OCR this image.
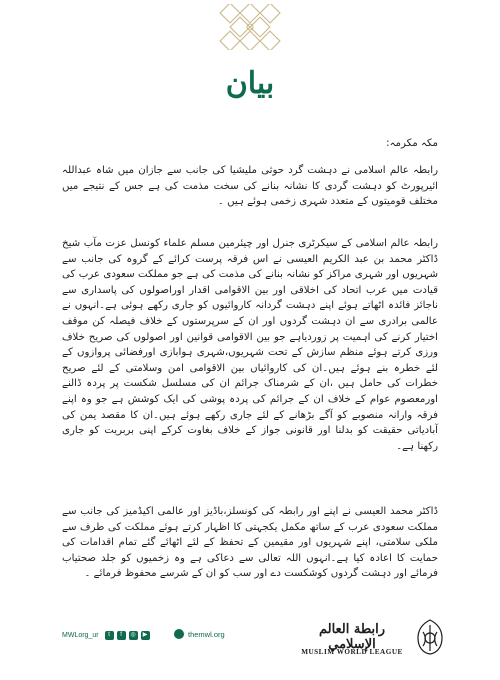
بیان
مکہ مکرمہ:
رابطہ عالم اسلامی نے دہشت گرد حوثی ملیشیا کی جانب سے جازان میں شاہ عبداللہ ائیرپورٹ کو دہشت گردی کا نشانہ بنانے کی سخت مذمت کی ہے جس کے نتیجے میں مختلف قومیتوں کے متعدد شہری زخمی ہوئے ہیں ۔
رابطہ عالم اسلامی کے سیکرٹری جنرل اور چیئرمین مسلم علماء کونسل عزت مآب شیخ ڈاکٹر محمد بن عبد الکریم العیسی نے اس فرقہ پرست کرائے کے گروہ کی جانب سے شہریوں اور شہری مراکز کو نشانہ بنانے کی مذمت کی ہے جو مملکت سعودی عرب کی قیادت میں عرب اتحاد کی اخلاقی اور بین الاقوامی اقدار اوراصولوں کی پاسداری سے ناجائز فائدہ اٹھاتے ہوئے اپنے دہشت گردانہ کاروائیوں کو جاری رکھے ہوئی ہے۔انہوں نے عالمی برادری سے ان دہشت گردوں اور ان کے سرپرستوں کے خلاف فیصلہ کن موقف اختیار کرنے کی اہمیت پر زوردیاہے جو بین الاقوامی قوانین اور اصولوں کی صریح خلاف ورزی کرتے ہوئے منظم سازش کے تحت شہریوں،شہری ہوابازی اورفضائی پروازوں کے لئے خطرہ بنے ہوئے ہیں۔ان کی کاروائیاں بین الاقوامی امن وسلامتی کے لئے صریح خطرات کی حامل ہیں ،ان کے شرمناک جرائم ان کی مسلسل شکست پر پردہ ڈالنے اورمعصوم عوام کے خلاف ان کے جرائم کی پردہ پوشی کی ایک کوشش ہے جو وہ اپنے فرقہ وارانہ منصوبے کو آگے بڑھانے کے لئے جاری رکھے ہوئے ہیں۔ان کا مقصد یمن کی آبادیاتی حقیقت کو بدلنا اور قانونی جواز کے خلاف بغاوت کرکے اپنی بربریت کو جاری رکھنا ہے۔
ڈاکٹر محمد العیسی نے اپنے اور رابطہ کی کونسلز،باڈیز اور عالمی اکیڈمیز کی جانب سے مملکت سعودی عرب کے ساتھ مکمل یکجہتی کا اظہار کرتے ہوئے مملکت کی طرف سے ملکی سلامتی، اپنے شہریوں اور مقیمین کے تحفظ کے لئے اٹھائے گئے تمام اقدامات کی حمایت کا اعادہ کیا ہے۔انہوں اللہ تعالی سے دعاکی ہے وہ زخمیوں کو جلد صحتیاب فرمائے اور دہشت گردوں کوشکست دے اور سب کو ان کے شرسے محفوظ فرمائے ۔
MWLorg_ur	t	f	◎	▶	themwl.org	رابطة العالم الإسلامي
MUSLIM WORLD LEAGUE
